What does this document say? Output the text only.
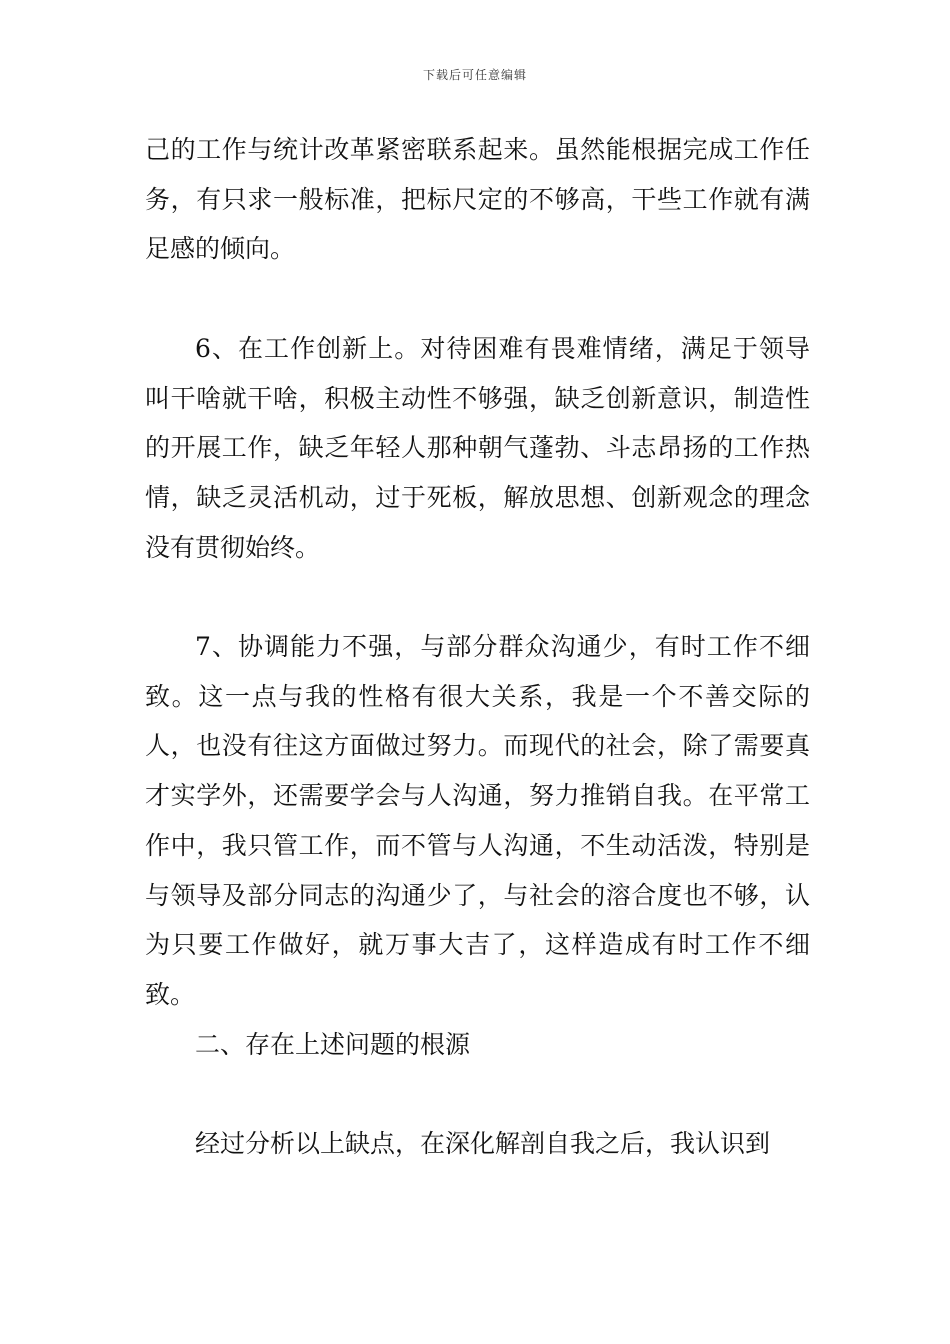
下载后可任意编辑

己的工作与统计改革紧密联系起来。虽然能根据完成工作任务，有只求一般标准，把标尺定的不够高，干些工作就有满足感的倾向。

6、在工作创新上。对待困难有畏难情绪，满足于领导叫干啥就干啥，积极主动性不够强，缺乏创新意识，制造性的开展工作，缺乏年轻人那种朝气蓬勃、斗志昂扬的工作热情，缺乏灵活机动，过于死板，解放思想、创新观念的理念没有贯彻始终。

7、协调能力不强，与部分群众沟通少，有时工作不细致。这一点与我的性格有很大关系，我是一个不善交际的人，也没有往这方面做过努力。而现代的社会，除了需要真才实学外，还需要学会与人沟通，努力推销自我。在平常工作中，我只管工作，而不管与人沟通，不生动活泼，特别是与领导及部分同志的沟通少了，与社会的溶合度也不够，认为只要工作做好，就万事大吉了，这样造成有时工作不细致。

二、存在上述问题的根源

经过分析以上缺点，在深化解剖自我之后，我认识到
